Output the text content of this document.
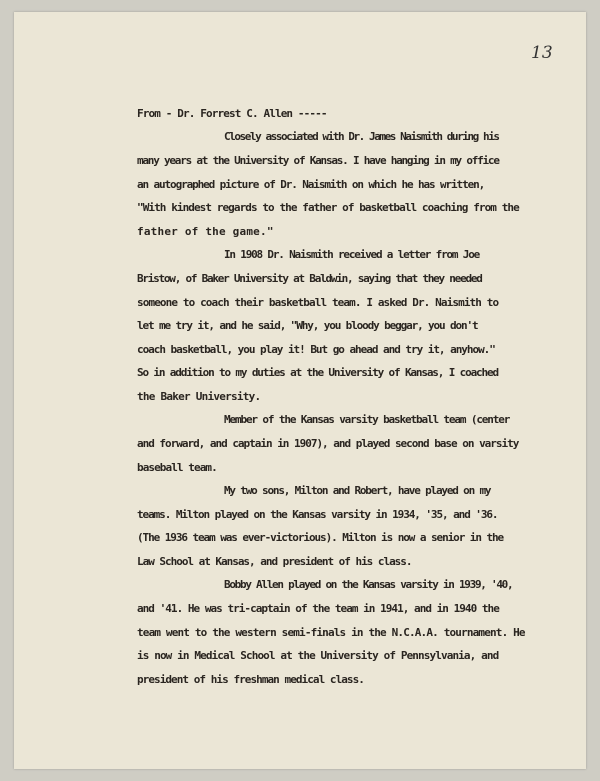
13
From - Dr. Forrest C. Allen -----
Closely associated with Dr. James Naismith during his
many years at the University of Kansas. I have hanging in my office
an autographed picture of Dr. Naismith on which he has written,
"With kindest regards to the father of basketball coaching from the
father of the game."
In 1908 Dr. Naismith received a letter from Joe
Bristow, of Baker University at Baldwin, saying that they needed
someone to coach their basketball team. I asked Dr. Naismith to
let me try it, and he said, "Why, you bloody beggar, you don't
coach basketball, you play it! But go ahead and try it, anyhow."
So in addition to my duties at the University of Kansas, I coached
the Baker University.
Member of the Kansas varsity basketball team (center
and forward, and captain in 1907), and played second base on varsity
baseball team.
My two sons, Milton and Robert, have played on my
teams. Milton played on the Kansas varsity in 1934, '35, and '36.
(The 1936 team was ever-victorious). Milton is now a senior in the
Law School at Kansas, and president of his class.
Bobby Allen played on the Kansas varsity in 1939, '40,
and '41. He was tri-captain of the team in 1941, and in 1940 the
team went to the western semi-finals in the N.C.A.A. tournament. He
is now in Medical School at the University of Pennsylvania, and
president of his freshman medical class.
